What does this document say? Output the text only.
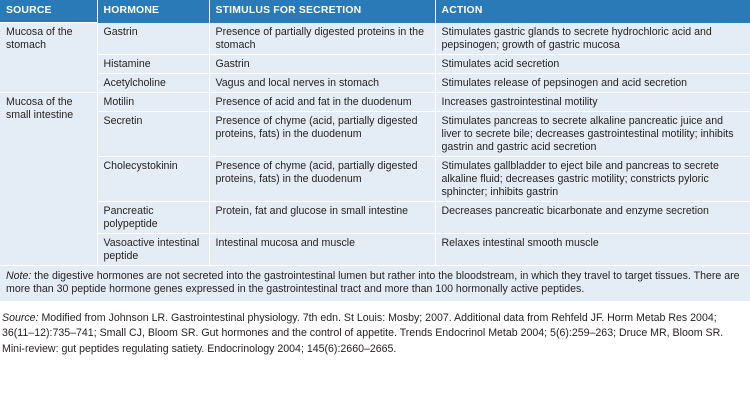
SOURCE	HORMONE	STIMULUS FOR SECRETION	ACTION
Mucosa of the stomach	Gastrin	Presence of partially digested proteins in the stomach	Stimulates gastric glands to secrete hydrochloric acid and pepsinogen; growth of gastric mucosa
	Histamine	Gastrin	Stimulates acid secretion
	Acetylcholine	Vagus and local nerves in stomach	Stimulates release of pepsinogen and acid secretion
Mucosa of the small intestine	Motilin	Presence of acid and fat in the duodenum	Increases gastrointestinal motility
	Secretin	Presence of chyme (acid, partially digested proteins, fats) in the duodenum	Stimulates pancreas to secrete alkaline pancreatic juice and liver to secrete bile; decreases gastrointestinal motility; inhibits gastrin and gastric acid secretion
	Cholecystokinin	Presence of chyme (acid, partially digested proteins, fats) in the duodenum	Stimulates gallbladder to eject bile and pancreas to secrete alkaline fluid; decreases gastric motility; constricts pyloric sphincter; inhibits gastrin
	Pancreatic polypeptide	Protein, fat and glucose in small intestine	Decreases pancreatic bicarbonate and enzyme secretion
	Vasoactive intestinal peptide	Intestinal mucosa and muscle	Relaxes intestinal smooth muscle
Note: the digestive hormones are not secreted into the gastrointestinal lumen but rather into the bloodstream, in which they travel to target tissues. There are more than 30 peptide hormone genes expressed in the gastrointestinal tract and more than 100 hormonally active peptides.
Source: Modified from Johnson LR. Gastrointestinal physiology. 7th edn. St Louis: Mosby; 2007. Additional data from Rehfeld JF. Horm Metab Res 2004; 36(11–12):735–741; Small CJ, Bloom SR. Gut hormones and the control of appetite. Trends Endocrinol Metab 2004; 5(6):259–263; Druce MR, Bloom SR. Mini-review: gut peptides regulating satiety. Endocrinology 2004; 145(6):2660–2665.
